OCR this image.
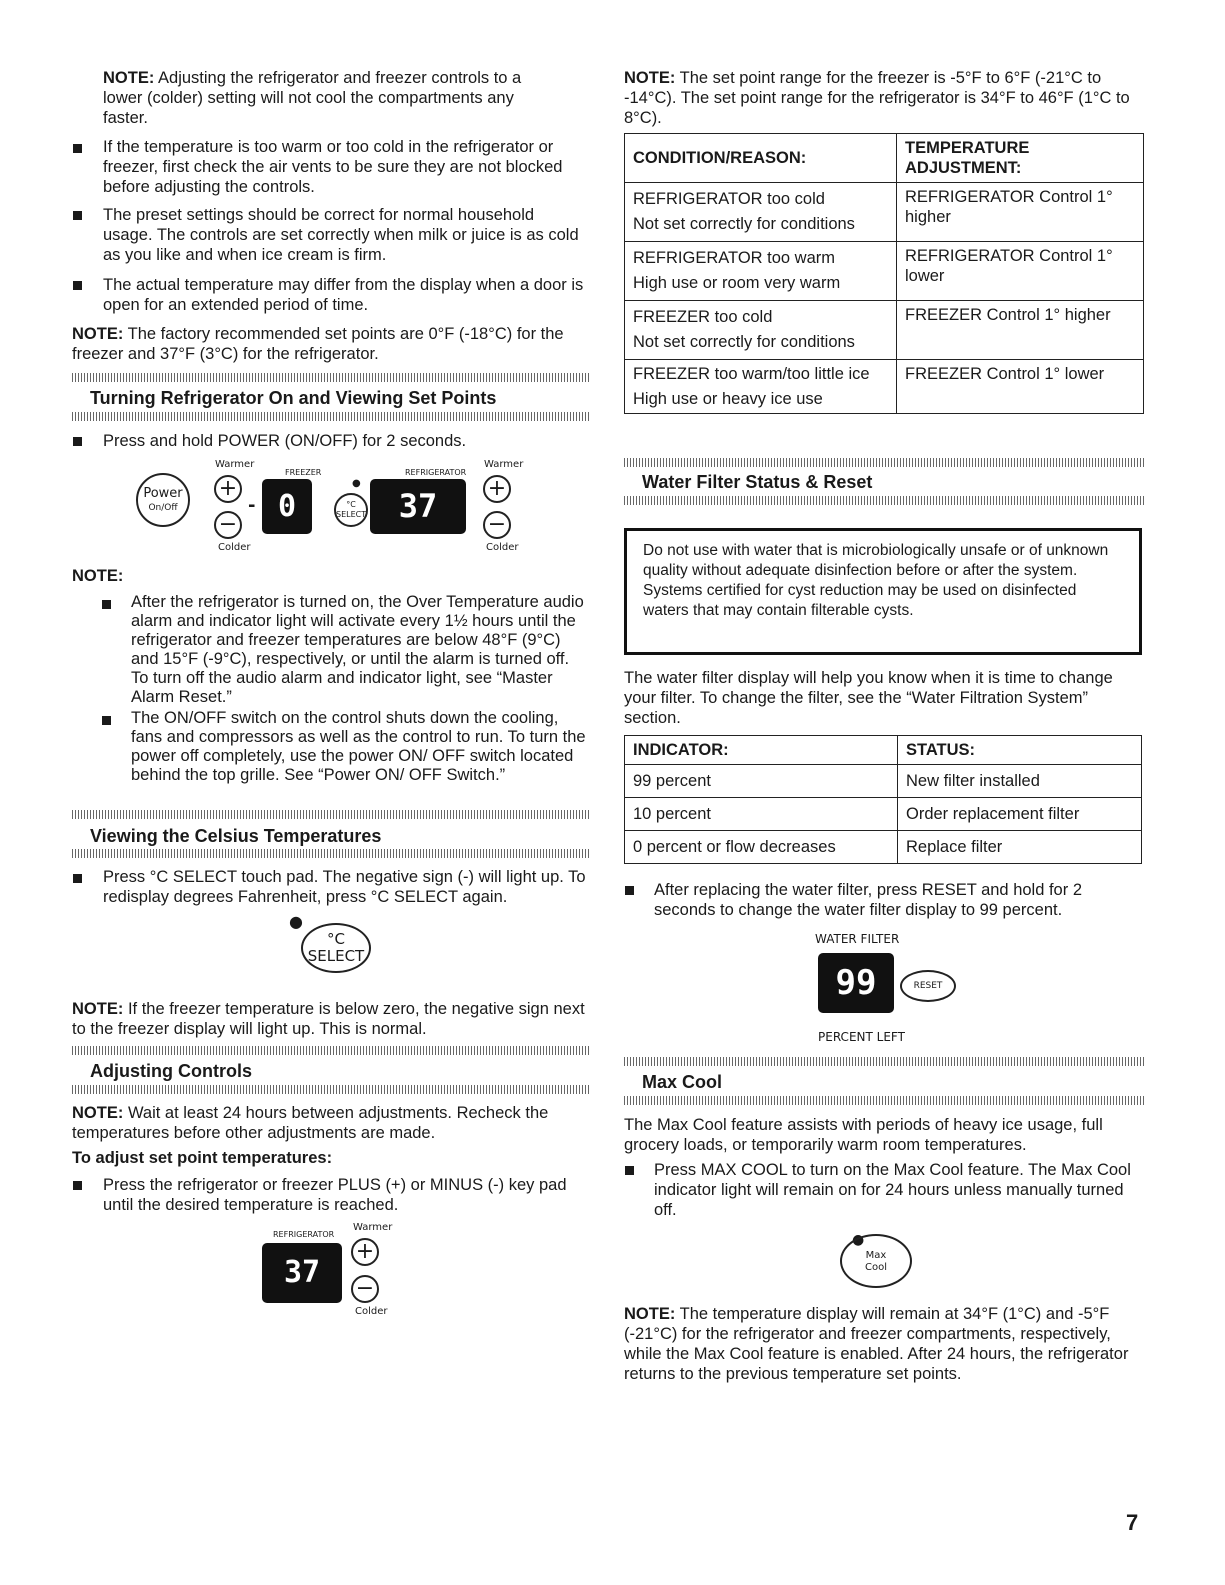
NOTE: Adjusting the refrigerator and freezer controls to a lower (colder) setting will not cool the compartments any faster.

If the temperature is too warm or too cold in the refrigerator or freezer, first check the air vents to be sure they are not blocked before adjusting the controls.

The preset settings should be correct for normal household usage. The controls are set correctly when milk or juice is as cold as you like and when ice cream is firm.

The actual temperature may differ from the display when a door is open for an extended period of time.

NOTE: The factory recommended set points are 0°F (-18°C) for the freezer and 37°F (3°C) for the refrigerator.

Turning Refrigerator On and Viewing Set Points

Press and hold POWER (ON/OFF) for 2 seconds.

Warmer
FREEZER	REFRIGERATOR
Warmer
Power
On/Off
+
−
- 0
●
°C
SELECT	37	+
−
Colder	Colder

NOTE:

After the refrigerator is turned on, the Over Temperature audio alarm and indicator light will activate every 1½ hours until the refrigerator and freezer temperatures are below 48°F (9°C) and 15°F (-9°C), respectively, or until the alarm is turned off. To turn off the audio alarm and indicator light, see “Master Alarm Reset.”

The ON/OFF switch on the control shuts down the cooling, fans and compressors as well as the control to run. To turn the power off completely, use the power ON/ OFF switch located behind the top grille. See “Power ON/ OFF Switch.”

Viewing the Celsius Temperatures

Press °C SELECT touch pad. The negative sign (-) will light up. To redisplay degrees Fahrenheit, press °C SELECT again.

●
°C
SELECT

NOTE: If the freezer temperature is below zero, the negative sign next to the freezer display will light up. This is normal.

Adjusting Controls

NOTE: Wait at least 24 hours between adjustments. Recheck the temperatures before other adjustments are made.

To adjust set point temperatures:

Press the refrigerator or freezer PLUS (+) or MINUS (-) key pad until the desired temperature is reached.

REFRIGERATOR
Warmer
37
+
−
Colder

NOTE: The set point range for the freezer is -5°F to 6°F (-21°C to -14°C). The set point range for the refrigerator is 34°F to 46°F (1°C to 8°C).

CONDITION/REASON:	TEMPERATURE ADJUSTMENT:

REFRIGERATOR too cold
Not set correctly for conditions	REFRIGERATOR Control 1° higher

REFRIGERATOR too warm
High use or room very warm	REFRIGERATOR Control 1° lower

FREEZER too cold
Not set correctly for conditions	FREEZER Control 1° higher

FREEZER too warm/too little ice
High use or heavy ice use	FREEZER Control 1° lower
Water Filter Status & Reset
Do not use with water that is microbiologically unsafe or of unknown quality without adequate disinfection before or after the system. Systems certified for cyst reduction may be used on disinfected waters that may contain filterable cysts.

The water filter display will help you know when it is time to change your filter. To change the filter, see the “Water Filtration System” section.

INDICATOR:	STATUS:
99 percent	New filter installed
10 percent	Order replacement filter
0 percent or flow decreases	Replace filter

After replacing the water filter, press RESET and hold for 2 seconds to change the water filter display to 99 percent.

WATER FILTER
99	RESET
PERCENT LEFT
Max Cool

The Max Cool feature assists with periods of heavy ice usage, full grocery loads, or temporarily warm room temperatures.

Press MAX COOL to turn on the Max Cool feature. The Max Cool indicator light will remain on for 24 hours unless manually turned off.

●
Max
Cool

NOTE: The temperature display will remain at 34°F (1°C) and -5°F (-21°C) for the refrigerator and freezer compartments, respectively, while the Max Cool feature is enabled. After 24 hours, the refrigerator returns to the previous temperature set points.

7
